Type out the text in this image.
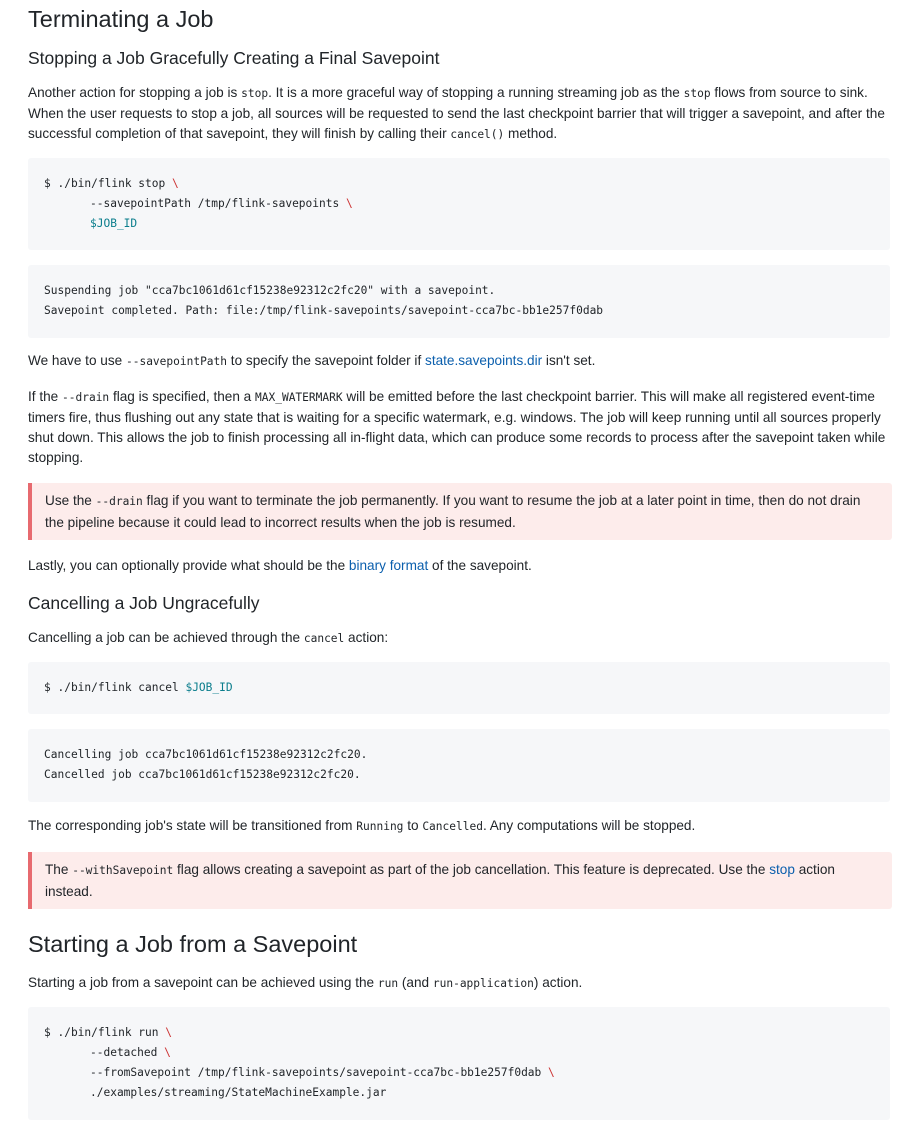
Terminating a Job
Stopping a Job Gracefully Creating a Final Savepoint

Another action for stopping a job is stop. It is a more graceful way of stopping a running streaming job as the stop flows from source to sink. When the user requests to stop a job, all sources will be requested to send the last checkpoint barrier that will trigger a savepoint, and after the successful completion of that savepoint, they will finish by calling their cancel() method.

$ ./bin/flink stop \
--savepointPath /tmp/flink-savepoints \
$JOB_ID
Suspending job "cca7bc1061d61cf15238e92312c2fc20" with a savepoint.
Savepoint completed. Path: file:/tmp/flink-savepoints/savepoint-cca7bc-bb1e257f0dab

We have to use --savepointPath to specify the savepoint folder if state.savepoints.dir isn't set.

If the --drain flag is specified, then a MAX_WATERMARK will be emitted before the last checkpoint barrier. This will make all registered event-time timers fire, thus flushing out any state that is waiting for a specific watermark, e.g. windows. The job will keep running until all sources properly shut down. This allows the job to finish processing all in-flight data, which can produce some records to process after the savepoint taken while stopping.

Use the --drain flag if you want to terminate the job permanently. If you want to resume the job at a later point in time, then do not drain the pipeline because it could lead to incorrect results when the job is resumed.

Lastly, you can optionally provide what should be the binary format of the savepoint.

Cancelling a Job Ungracefully

Cancelling a job can be achieved through the cancel action:

$ ./bin/flink cancel $JOB_ID
Cancelling job cca7bc1061d61cf15238e92312c2fc20.
Cancelled job cca7bc1061d61cf15238e92312c2fc20.

The corresponding job's state will be transitioned from Running to Cancelled. Any computations will be stopped.

The --withSavepoint flag allows creating a savepoint as part of the job cancellation. This feature is deprecated. Use the stop action instead.
Starting a Job from a Savepoint

Starting a job from a savepoint can be achieved using the run (and run-application) action.

$ ./bin/flink run \
--detached \
--fromSavepoint /tmp/flink-savepoints/savepoint-cca7bc-bb1e257f0dab \
./examples/streaming/StateMachineExample.jar
